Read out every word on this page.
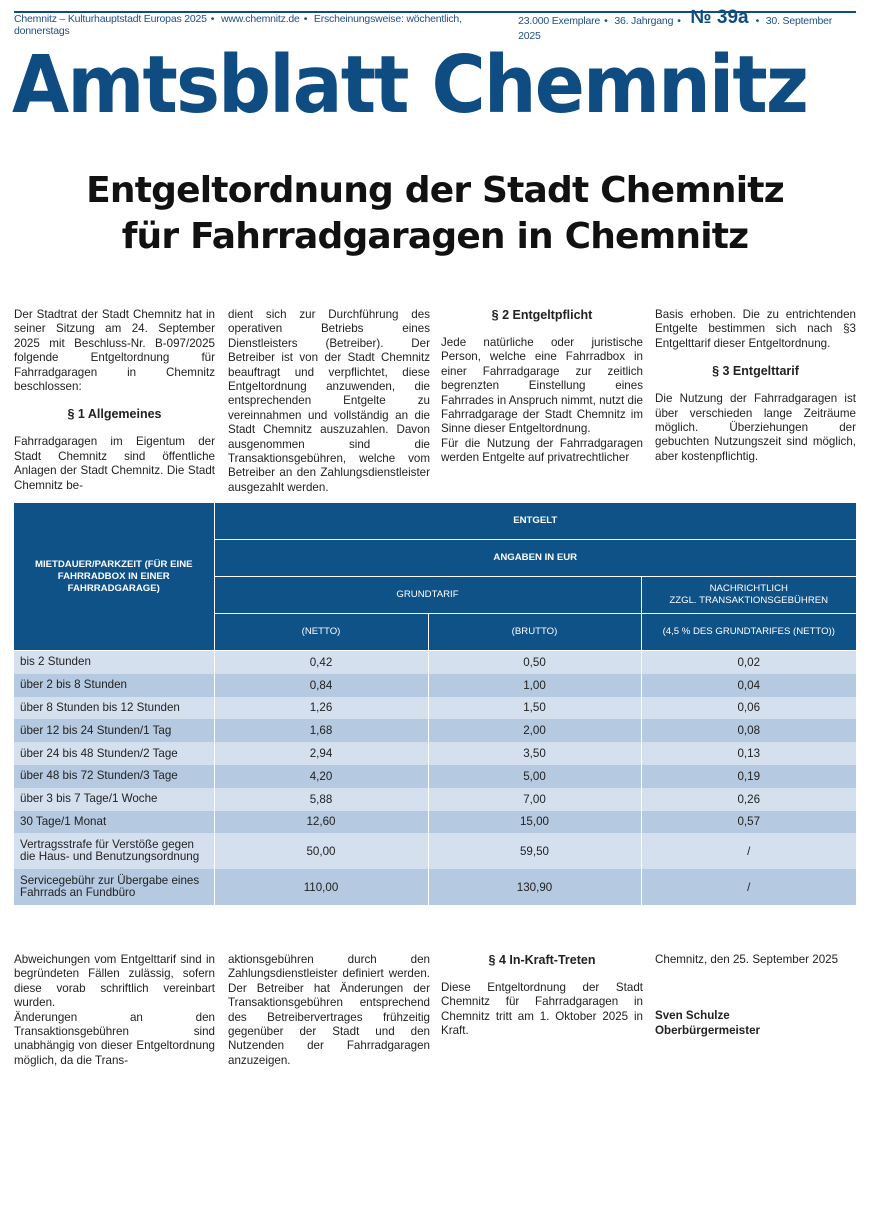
Chemnitz – Kulturhauptstadt Europas 2025 • www.chemnitz.de • Erscheinungsweise: wöchentlich, donnerstags
23.000 Exemplare • 36. Jahrgang • № 39a • 30. September 2025
Amtsblatt Chemnitz
Entgeltordnung der Stadt Chemnitz
für Fahrradgaragen in Chemnitz

Der Stadtrat der Stadt Chemnitz hat in seiner Sitzung am 24. September 2025 mit Beschluss-Nr. B-097/2025 folgende Entgeltordnung für Fahrradgaragen in Chemnitz beschlossen:

§ 1 Allgemeines

Fahrradgaragen im Eigentum der Stadt Chemnitz sind öffentliche Anlagen der Stadt Chemnitz. Die Stadt Chemnitz be-

dient sich zur Durchführung des operativen Betriebs eines Dienstleisters (Betreiber). Der Betreiber ist von der Stadt Chemnitz beauftragt und verpflichtet, diese Entgeltordnung anzuwenden, die entsprechenden Entgelte zu vereinnahmen und vollständig an die Stadt Chemnitz auszuzahlen. Davon ausgenommen sind die Transaktionsgebühren, welche vom Betreiber an den Zahlungsdienstleister ausgezahlt werden.

§ 2 Entgeltpflicht

Jede natürliche oder juristische Person, welche eine Fahrradbox in einer Fahrradgarage zur zeitlich begrenzten Einstellung eines Fahrrades in Anspruch nimmt, nutzt die Fahrradgarage der Stadt Chemnitz im Sinne dieser Entgeltordnung.

Für die Nutzung der Fahrradgaragen werden Entgelte auf privatrechtlicher

Basis erhoben. Die zu entrichtenden Entgelte bestimmen sich nach §3 Entgelttarif dieser Entgeltordnung.

§ 3 Entgelttarif

Die Nutzung der Fahrradgaragen ist über verschieden lange Zeiträume möglich. Überziehungen der gebuchten Nutzungszeit sind möglich, aber kostenpflichtig.

MIETDAUER/PARKZEIT (FÜR EINE FAHRRADBOX IN EINER FAHRRADGARAGE)	ENTGELT		
	ANGABEN IN EUR		
	GRUNDTARIF		NACHRICHTLICH
ZZGL. TRANSAKTIONSGEBÜHREN

	(NETTO)	(BRUTTO)	(4,5 % DES GRUNDTARIFES (NETTO))
bis 2 Stunden	0,42	0,50	0,02
über 2 bis 8 Stunden	0,84	1,00	0,04
über 8 Stunden bis 12 Stunden	1,26	1,50	0,06
über 12 bis 24 Stunden/1 Tag	1,68	2,00	0,08
über 24 bis 48 Stunden/2 Tage	2,94	3,50	0,13
über 48 bis 72 Stunden/3 Tage	4,20	5,00	0,19
über 3 bis 7 Tage/1 Woche	5,88	7,00	0,26
30 Tage/1 Monat	12,60	15,00	0,57
Vertragsstrafe für Verstöße gegen die Haus- und Benutzungsordnung	50,00	59,50	/
Servicegebühr zur Übergabe eines Fahrrads an Fundbüro	110,00	130,90	/

Abweichungen vom Entgelttarif sind in begründeten Fällen zulässig, sofern diese vorab schriftlich vereinbart wurden.

Änderungen an den Transaktionsgebühren sind unabhängig von dieser Entgeltordnung möglich, da die Trans-

aktionsgebühren durch den Zahlungsdienstleister definiert werden. Der Betreiber hat Änderungen der Transaktionsgebühren entsprechend des Betreibervertrages frühzeitig gegenüber der Stadt und den Nutzenden der Fahrradgaragen anzuzeigen.

§ 4 In-Kraft-Treten

Diese Entgeltordnung der Stadt Chemnitz für Fahrradgaragen in Chemnitz tritt am 1. Oktober 2025 in Kraft.

Chemnitz, den 25. September 2025

Sven Schulze
Oberbürgermeister
